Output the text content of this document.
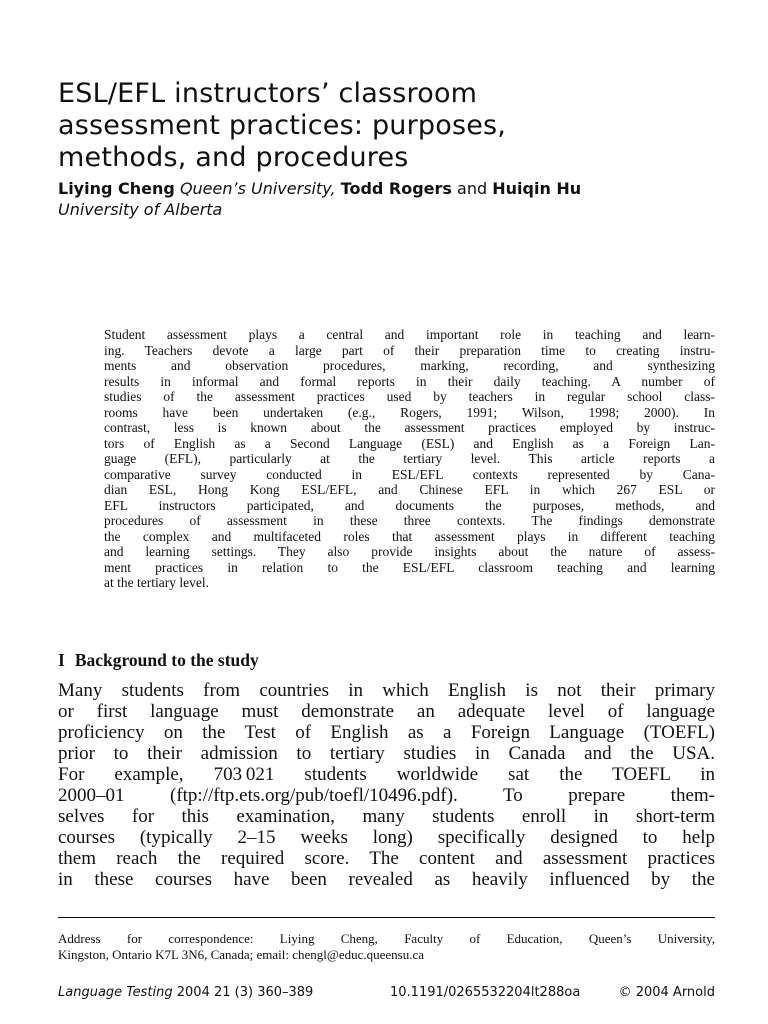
ESL/EFL instructors’ classroom
assessment practices: purposes,
methods, and procedures
Liying Cheng Queen’s University, Todd Rogers and Huiqin Hu
University of Alberta
Student assessment plays a central and important role in teaching and learn-
ing. Teachers devote a large part of their preparation time to creating instru-
ments and observation procedures, marking, recording, and synthesizing
results in informal and formal reports in their daily teaching. A number of
studies of the assessment practices used by teachers in regular school class-
rooms have been undertaken (e.g., Rogers, 1991; Wilson, 1998; 2000). In
contrast, less is known about the assessment practices employed by instruc-
tors of English as a Second Language (ESL) and English as a Foreign Lan-
guage (EFL), particularly at the tertiary level. This article reports a
comparative survey conducted in ESL/EFL contexts represented by Cana-
dian ESL, Hong Kong ESL/EFL, and Chinese EFL in which 267 ESL or
EFL instructors participated, and documents the purposes, methods, and
procedures of assessment in these three contexts. The findings demonstrate
the complex and multifaceted roles that assessment plays in different teaching
and learning settings. They also provide insights about the nature of assess-
ment practices in relation to the ESL/EFL classroom teaching and learning
at the tertiary level.
I Background to the study
Many students from countries in which English is not their primary
or first language must demonstrate an adequate level of language
proficiency on the Test of English as a Foreign Language (TOEFL)
prior to their admission to tertiary studies in Canada and the USA.
For example, 703 021 students worldwide sat the TOEFL in
2000–01 (ftp://ftp.ets.org/pub/toefl/10496.pdf). To prepare them-
selves for this examination, many students enroll in short-term
courses (typically 2–15 weeks long) specifically designed to help
them reach the required score. The content and assessment practices
in these courses have been revealed as heavily influenced by the
Address for correspondence: Liying Cheng, Faculty of Education, Queen’s University,
Kingston, Ontario K7L 3N6, Canada; email: chengl@educ.queensu.ca
Language Testing 2004 21 (3) 360–389	10.1191/0265532204lt288oa	© 2004 Arnold
